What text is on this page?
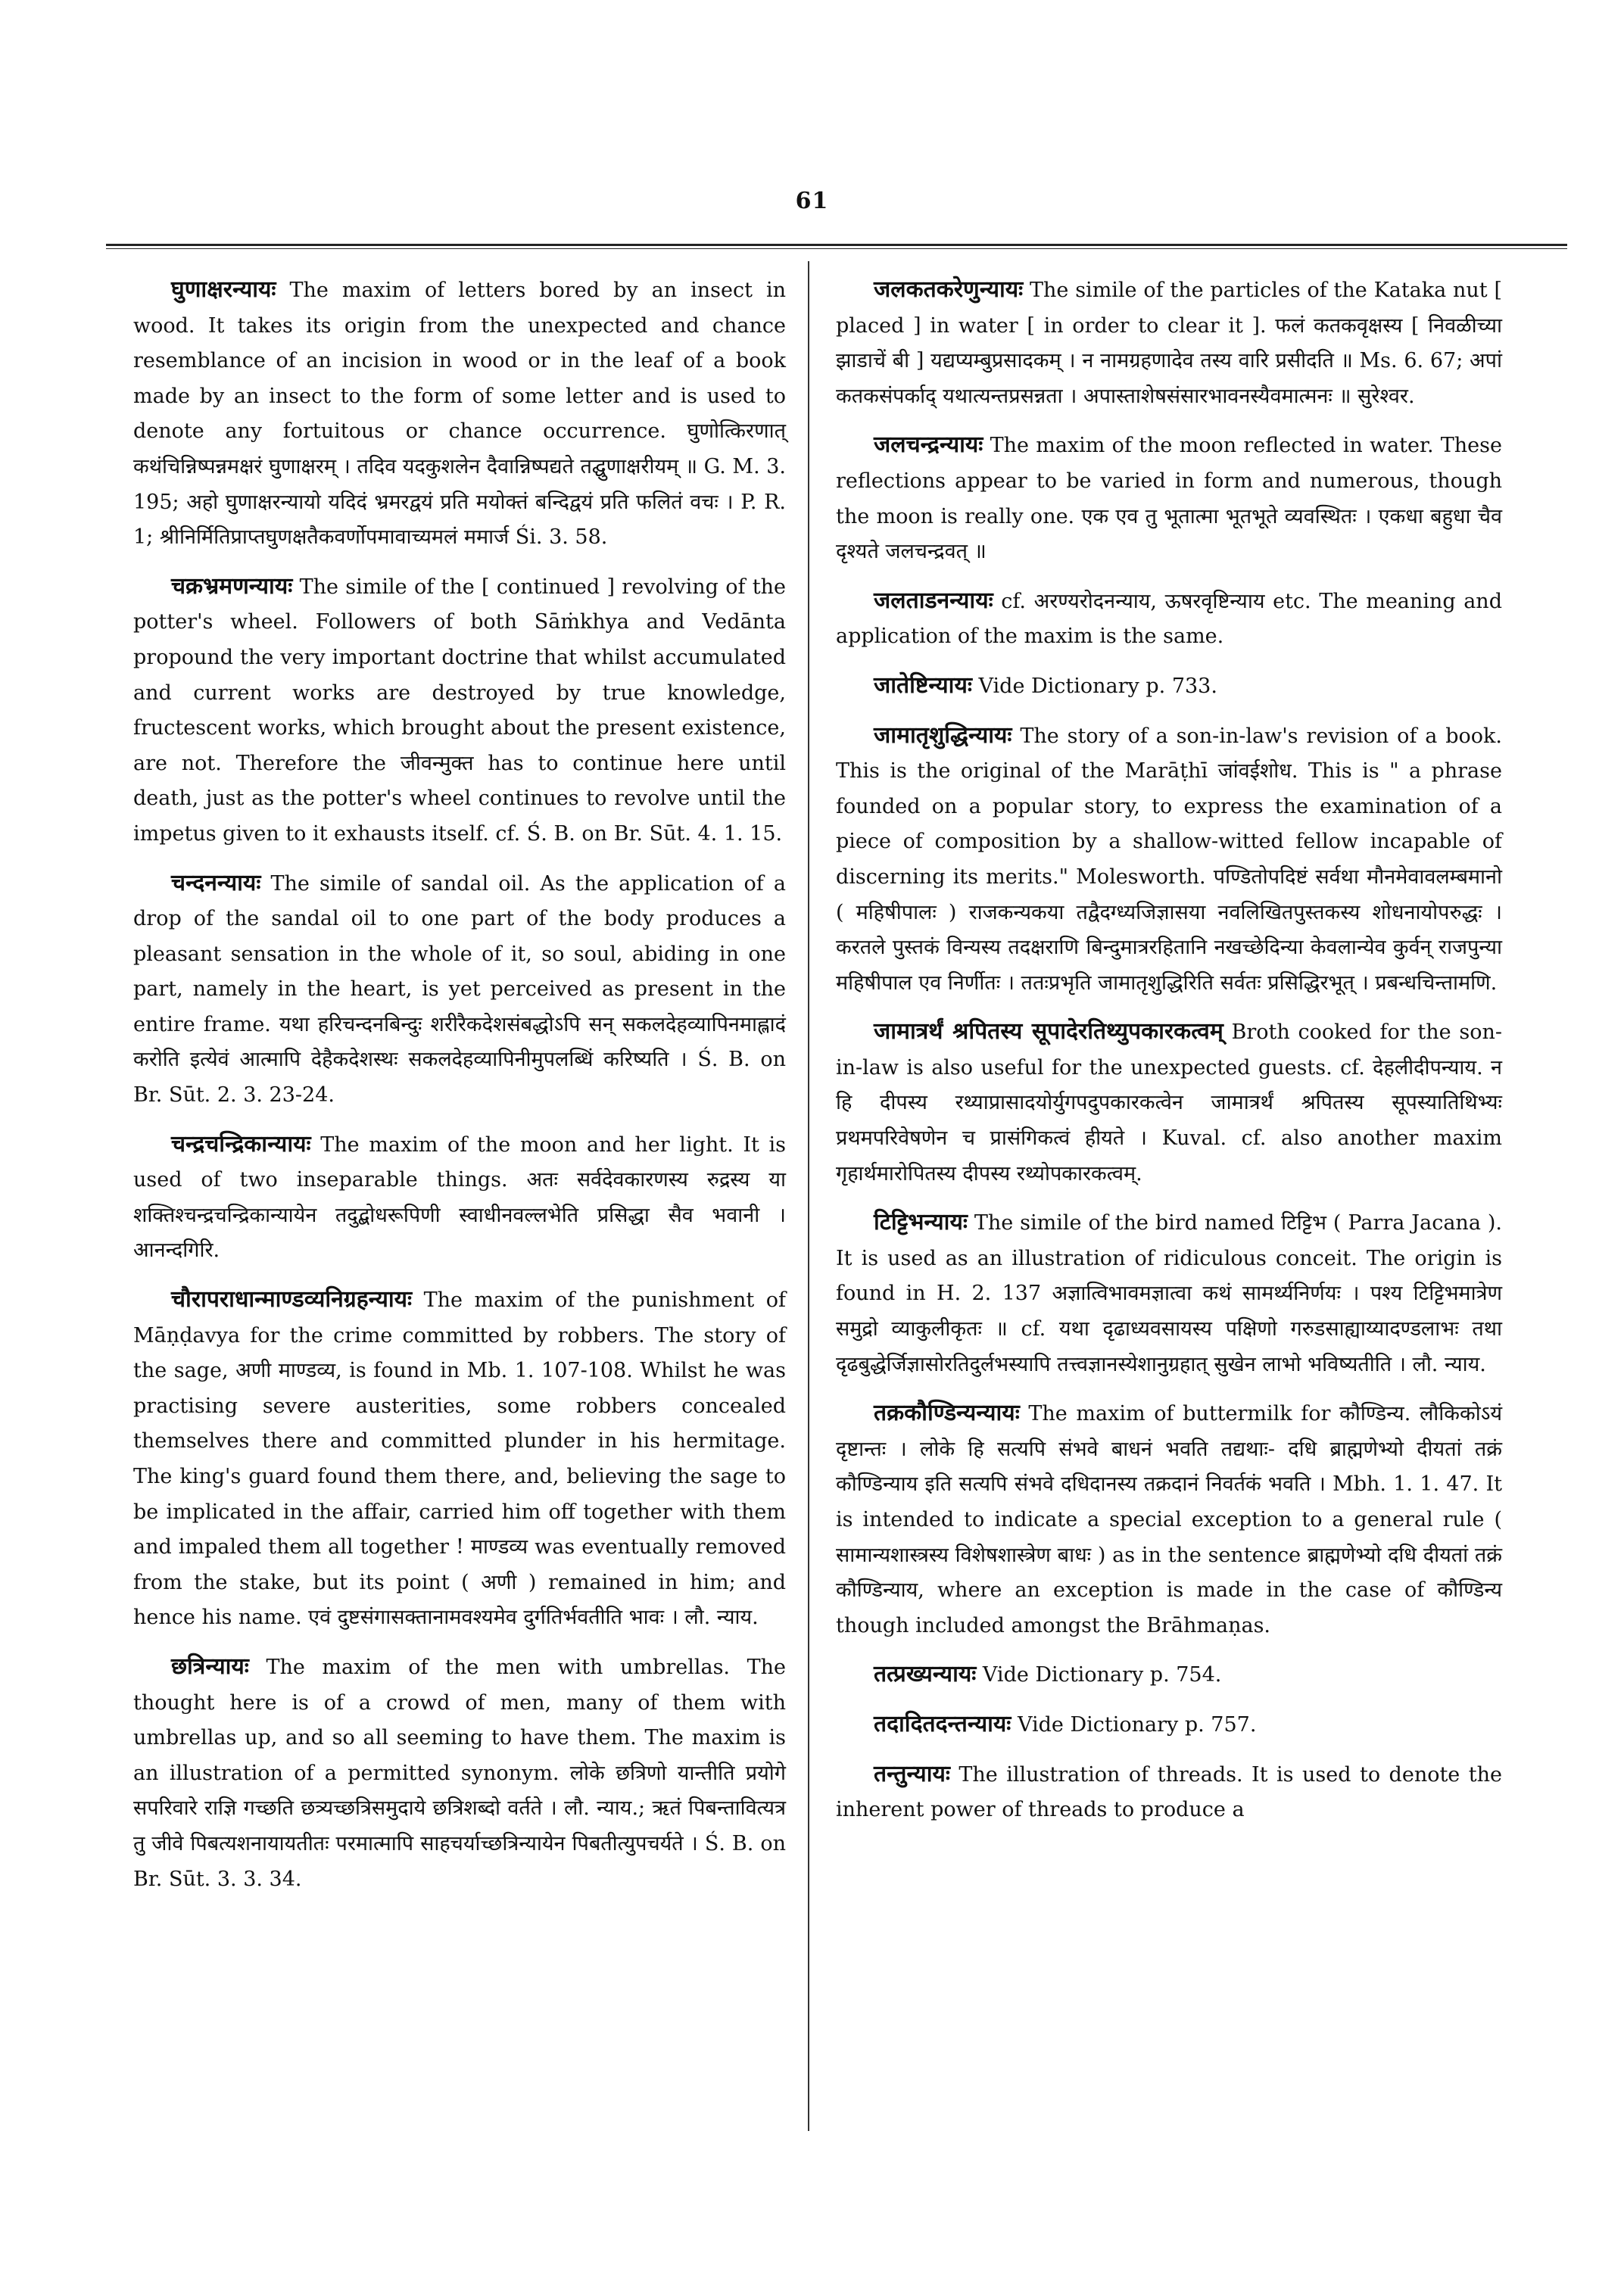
61

घुणाक्षरन्यायः The maxim of letters bored by an insect in wood. It takes its origin from the unexpected and chance resemblance of an incision in wood or in the leaf of a book made by an insect to the form of some letter and is used to denote any fortuitous or chance occurrence. घुणोत्किरणात् कथंचिन्निष्पन्नमक्षरं घुणाक्षरम् । तदिव यदकुशलेन दैवान्निष्पद्यते तद्घुणाक्षरीयम् ॥ G. M. 3. 195; अहो घुणाक्षरन्यायो यदिदं भ्रमरद्वयं प्रति मयोक्तं बन्दिद्वयं प्रति फलितं वचः । P. R. 1; श्रीनिर्मितिप्राप्तघुणक्षतैकवर्णोपमावाच्यमलं ममार्ज Śi. 3. 58.

चक्रभ्रमणन्यायः The simile of the [ continued ] revolving of the potter's wheel. Followers of both Sāṁkhya and Vedānta propound the very important doctrine that whilst accumulated and current works are destroyed by true knowledge, fructescent works, which brought about the present existence, are not. Therefore the जीवन्मुक्त has to continue here until death, just as the potter's wheel continues to revolve until the impetus given to it exhausts itself. cf. Ś. B. on Br. Sūt. 4. 1. 15.

चन्दनन्यायः The simile of sandal oil. As the application of a drop of the sandal oil to one part of the body produces a pleasant sensation in the whole of it, so soul, abiding in one part, namely in the heart, is yet perceived as present in the entire frame. यथा हरिचन्दनबिन्दुः शरीरैकदेशसंबद्धोऽपि सन् सकलदेहव्यापिनमाह्लादं करोति इत्येवं आत्मापि देहैकदेशस्थः सकलदेहव्यापिनीमुपलब्धिं करिष्यति । Ś. B. on Br. Sūt. 2. 3. 23-24.

चन्द्रचन्द्रिकान्यायः The maxim of the moon and her light. It is used of two inseparable things. अतः सर्वदेवकारणस्य रुद्रस्य या शक्तिश्चन्द्रचन्द्रिकान्यायेन तदुद्बोधरूपिणी स्वाधीनवल्लभेति प्रसिद्धा सैव भवानी । आनन्दगिरि.

चौरापराधान्माण्डव्यनिग्रहन्यायः The maxim of the punishment of Māṇḍavya for the crime committed by robbers. The story of the sage, अणी माण्डव्य, is found in Mb. 1. 107-108. Whilst he was practising severe austerities, some robbers concealed themselves there and committed plunder in his hermitage. The king's guard found them there, and, believing the sage to be implicated in the affair, carried him off together with them and impaled them all together ! माण्डव्य was eventually removed from the stake, but its point ( अणी ) remained in him; and hence his name. एवं दुष्टसंगासक्तानामवश्यमेव दुर्गतिर्भवतीति भावः । लौ. न्याय.

छत्रिन्यायः The maxim of the men with umbrellas. The thought here is of a crowd of men, many of them with umbrellas up, and so all seeming to have them. The maxim is an illustration of a permitted synonym. लोके छत्रिणो यान्तीति प्रयोगे सपरिवारे राज्ञि गच्छति छत्र्यच्छत्रिसमुदाये छत्रिशब्दो वर्तते । लौ. न्याय.; ऋतं पिबन्तावित्यत्र तु जीवे पिबत्यशनायायतीतः परमात्मापि साहचर्याच्छत्रिन्यायेन पिबतीत्युपचर्यते । Ś. B. on Br. Sūt. 3. 3. 34.

जलकतकरेणुन्यायः The simile of the particles of the Kataka nut [ placed ] in water [ in order to clear it ]. फलं कतकवृक्षस्य [ निवळीच्या झाडाचें बी ] यद्यप्यम्बुप्रसादकम् । न नामग्रहणादेव तस्य वारि प्रसीदति ॥ Ms. 6. 67; अपां कतकसंपर्काद् यथात्यन्तप्रसन्नता । अपास्ताशेषसंसारभावनस्यैवमात्मनः ॥ सुरेश्वर.

जलचन्द्रन्यायः The maxim of the moon reflected in water. These reflections appear to be varied in form and numerous, though the moon is really one. एक एव तु भूतात्मा भूतभूते व्यवस्थितः । एकधा बहुधा चैव दृश्यते जलचन्द्रवत् ॥

जलताडनन्यायः cf. अरण्यरोदनन्याय, ऊषरवृष्टिन्याय etc. The meaning and application of the maxim is the same.

जातेष्टिन्यायः Vide Dictionary p. 733.

जामातृशुद्धिन्यायः The story of a son-in-law's revision of a book. This is the original of the Marāṭhī जांवईशोध. This is " a phrase founded on a popular story, to express the examination of a piece of composition by a shallow-witted fellow incapable of discerning its merits." Molesworth. पण्डितोपदिष्टं सर्वथा मौनमेवावलम्बमानो ( महिषीपालः ) राजकन्यकया तद्वैदग्ध्यजिज्ञासया नवलिखितपुस्तकस्य शोधनायोपरुद्धः । करतले पुस्तकं विन्यस्य तदक्षराणि बिन्दुमात्ररहितानि नखच्छेदिन्या केवलान्येव कुर्वन् राजपुन्या महिषीपाल एव निर्णीतः । ततःप्रभृति जामातृशुद्धिरिति सर्वतः प्रसिद्धिरभूत् । प्रबन्धचिन्तामणि.

जामात्रर्थं श्रपितस्य सूपादेरतिथ्युपकारकत्वम् Broth cooked for the son-in-law is also useful for the unexpected guests. cf. देहलीदीपन्याय. न हि दीपस्य रथ्याप्रासादयोर्युगपदुपकारकत्वेन जामात्रर्थं श्रपितस्य सूपस्यातिथिभ्यः प्रथमपरिवेषणेन च प्रासंगिकत्वं हीयते । Kuval. cf. also another maxim गृहार्थमारोपितस्य दीपस्य रथ्योपकारकत्वम्.

टिट्टिभन्यायः The simile of the bird named टिट्टिभ ( Parra Jacana ). It is used as an illustration of ridiculous conceit. The origin is found in H. 2. 137 अज्ञात्विभावमज्ञात्वा कथं सामर्थ्यनिर्णयः । पश्य टिट्टिभमात्रेण समुद्रो व्याकुलीकृतः ॥ cf. यथा दृढाध्यवसायस्य पक्षिणो गरुडसाह्याय्यादण्डलाभः तथा दृढबुद्धेर्जिज्ञासोरतिदुर्लभस्यापि तत्त्वज्ञानस्येशानुग्रहात् सुखेन लाभो भविष्यतीति । लौ. न्याय.

तक्रकौण्डिन्यन्यायः The maxim of buttermilk for कौण्डिन्य. लौकिकोऽयं दृष्टान्तः । लोके हि सत्यपि संभवे बाधनं भवति तद्यथाः- दधि ब्राह्मणेभ्यो दीयतां तक्रं कौण्डिन्याय इति सत्यपि संभवे दधिदानस्य तक्रदानं निवर्तकं भवति । Mbh. 1. 1. 47. It is intended to indicate a special exception to a general rule ( सामान्यशास्त्रस्य विशेषशास्त्रेण बाधः ) as in the sentence ब्राह्मणेभ्यो दधि दीयतां तक्रं कौण्डिन्याय, where an exception is made in the case of कौण्डिन्य though included amongst the Brāhmaṇas.

तत्प्रख्यन्यायः Vide Dictionary p. 754.

तदादितदन्तन्यायः Vide Dictionary p. 757.

तन्तुन्यायः The illustration of threads. It is used to denote the inherent power of threads to produce a
